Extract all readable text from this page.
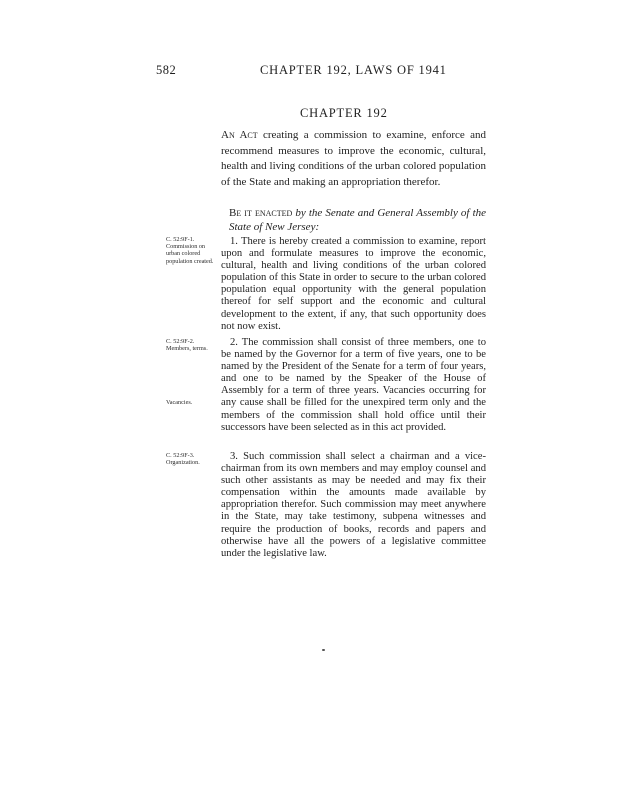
582	CHAPTER 192, LAWS OF 1941
CHAPTER 192
An Act creating a commission to examine, enforce and recommend measures to improve the economic, cultural, health and living conditions of the urban colored population of the State and making an appropriation therefor.
Be it enacted by the Senate and General Assembly of the State of New Jersey:
C. 52:9F-1.
Commission on urban colored population created.
C. 52:9F-2.
Members, terms.
Vacancies.
C. 52:9F-3.
Organization.
1. There is hereby created a commission to examine, report upon and formulate measures to improve the economic, cultural, health and living conditions of the urban colored population of this State in order to secure to the urban colored population equal opportunity with the general population thereof for self support and the economic and cultural development to the extent, if any, that such opportunity does not now exist.
2. The commission shall consist of three members, one to be named by the Governor for a term of five years, one to be named by the President of the Senate for a term of four years, and one to be named by the Speaker of the House of Assembly for a term of three years. Vacancies occurring for any cause shall be filled for the unexpired term only and the members of the commission shall hold office until their successors have been selected as in this act provided.
3. Such commission shall select a chairman and a vice-chairman from its own members and may employ counsel and such other assistants as may be needed and may fix their compensation within the amounts made available by appropriation therefor. Such commission may meet anywhere in the State, may take testimony, subpena witnesses and require the production of books, records and papers and otherwise have all the powers of a legislative committee under the legislative law.
